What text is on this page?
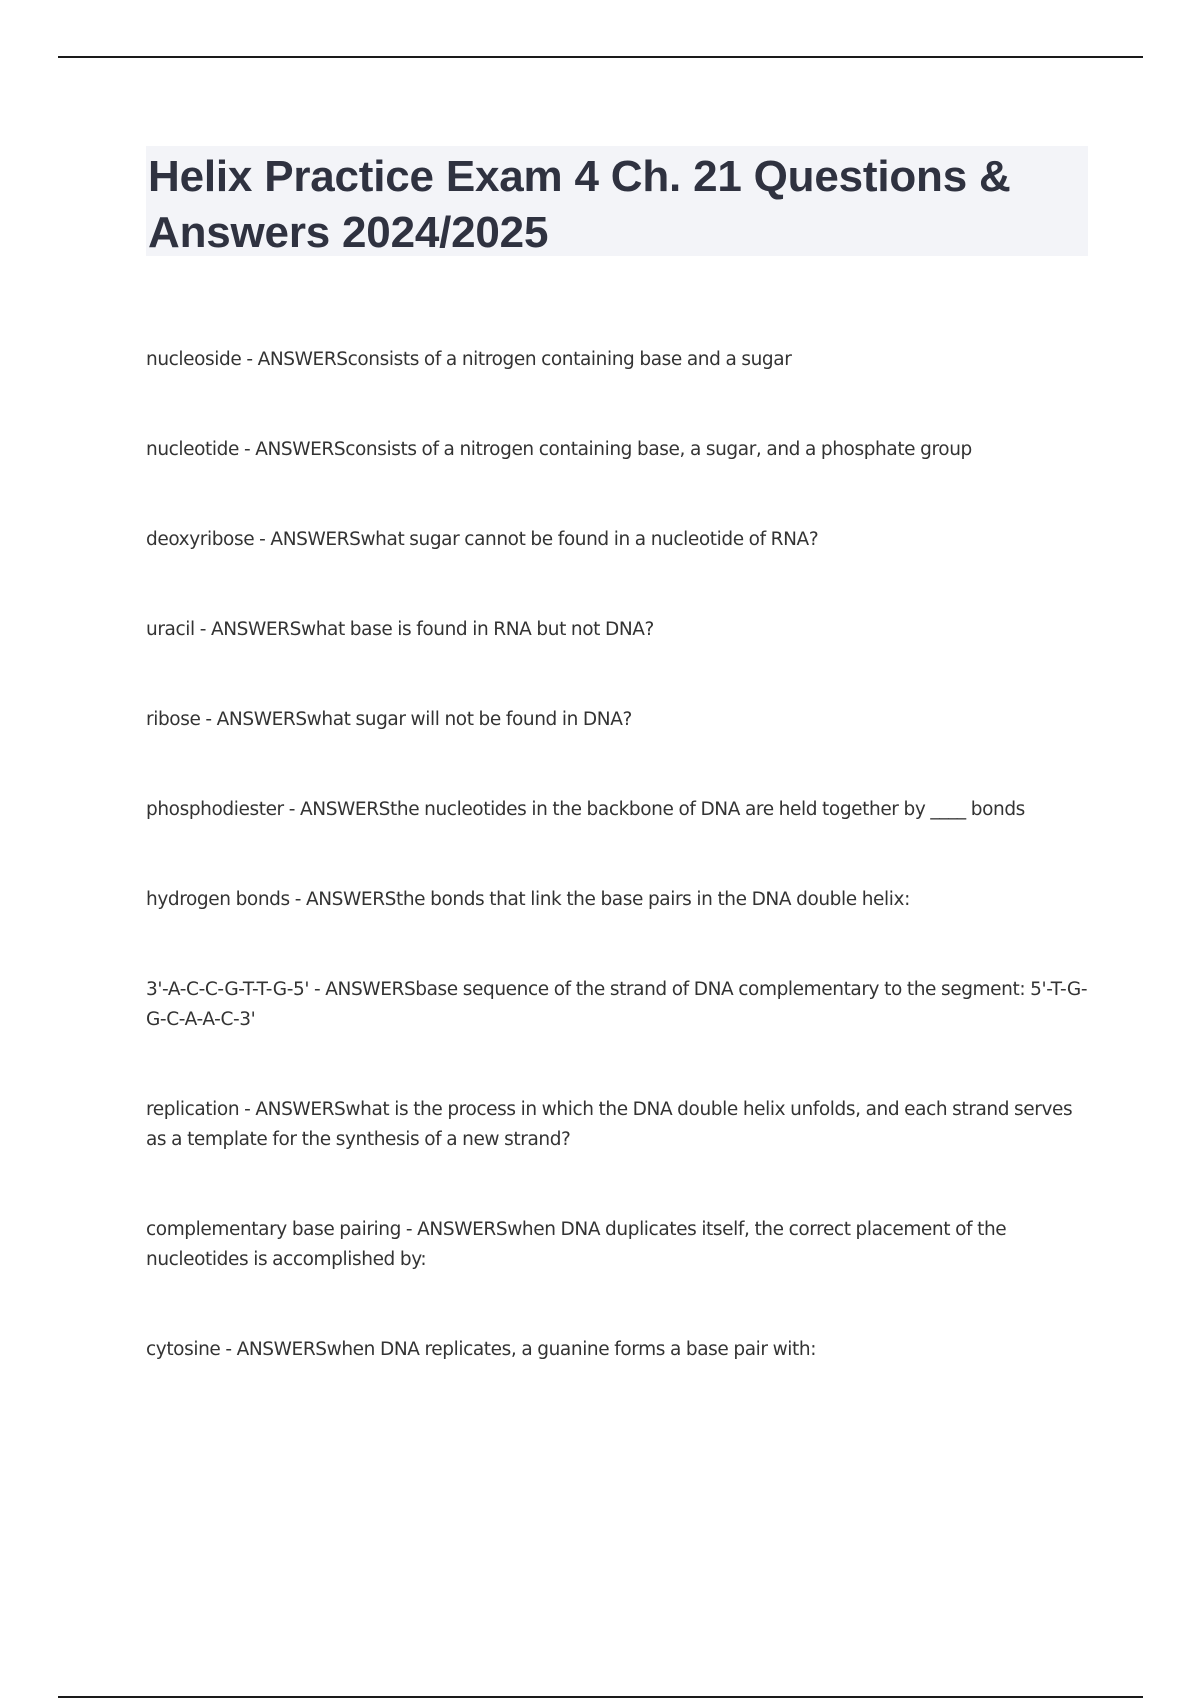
Helix Practice Exam 4 Ch. 21 Questions & Answers 2024/2025
nucleoside - ANSWERSconsists of a nitrogen containing base and a sugar
nucleotide - ANSWERSconsists of a nitrogen containing base, a sugar, and a phosphate group
deoxyribose - ANSWERSwhat sugar cannot be found in a nucleotide of RNA?
uracil - ANSWERSwhat base is found in RNA but not DNA?
ribose - ANSWERSwhat sugar will not be found in DNA?
phosphodiester - ANSWERSthe nucleotides in the backbone of DNA are held together by ____ bonds
hydrogen bonds - ANSWERSthe bonds that link the base pairs in the DNA double helix:
3'-A-C-C-G-T-T-G-5' - ANSWERSbase sequence of the strand of DNA complementary to the segment: 5'-T-G-G-C-A-A-C-3'
replication - ANSWERSwhat is the process in which the DNA double helix unfolds, and each strand serves as a template for the synthesis of a new strand?
complementary base pairing - ANSWERSwhen DNA duplicates itself, the correct placement of the nucleotides is accomplished by:
cytosine - ANSWERSwhen DNA replicates, a guanine forms a base pair with:
